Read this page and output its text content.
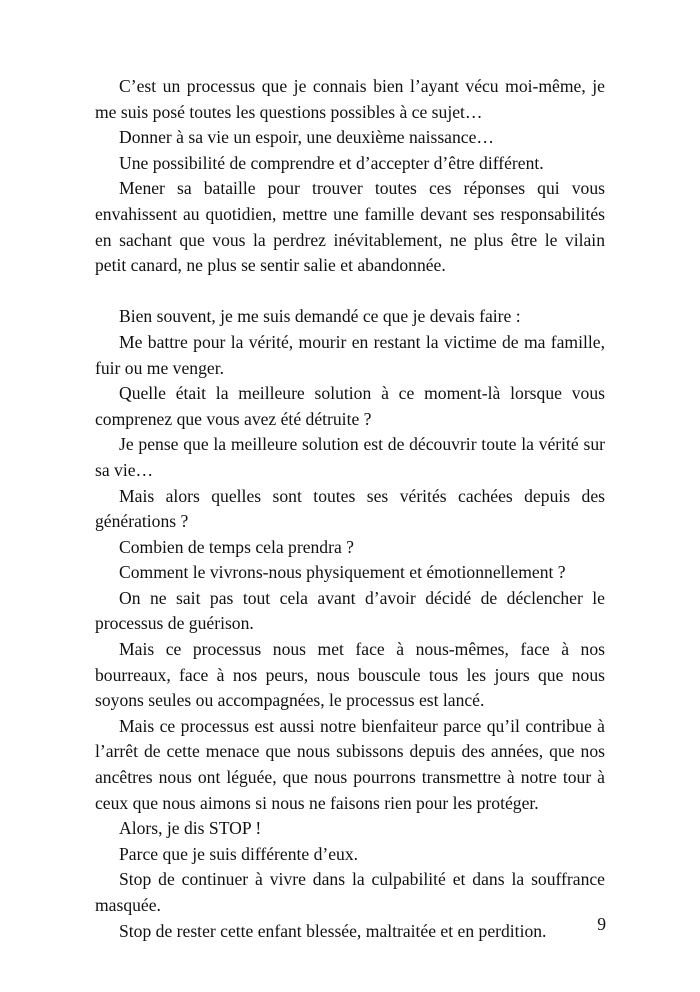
C’est un processus que je connais bien l’ayant vécu moi-même, je me suis posé toutes les questions possibles à ce sujet…

Donner à sa vie un espoir, une deuxième naissance…

Une possibilité de comprendre et d’accepter d’être différent.

Mener sa bataille pour trouver toutes ces réponses qui vous envahissent au quotidien, mettre une famille devant ses responsabilités en sachant que vous la perdrez inévitablement, ne plus être le vilain petit canard, ne plus se sentir salie et abandonnée.

Bien souvent, je me suis demandé ce que je devais faire :

Me battre pour la vérité, mourir en restant la victime de ma famille, fuir ou me venger.

Quelle était la meilleure solution à ce moment-là lorsque vous comprenez que vous avez été détruite ?

Je pense que la meilleure solution est de découvrir toute la vérité sur sa vie…

Mais alors quelles sont toutes ses vérités cachées depuis des générations ?

Combien de temps cela prendra ?

Comment le vivrons-nous physiquement et émotionnellement ?

On ne sait pas tout cela avant d’avoir décidé de déclencher le processus de guérison.

Mais ce processus nous met face à nous-mêmes, face à nos bourreaux, face à nos peurs, nous bouscule tous les jours que nous soyons seules ou accompagnées, le processus est lancé.

Mais ce processus est aussi notre bienfaiteur parce qu’il contribue à l’arrêt de cette menace que nous subissons depuis des années, que nos ancêtres nous ont léguée, que nous pourrons transmettre à notre tour à ceux que nous aimons si nous ne faisons rien pour les protéger.

Alors, je dis STOP !

Parce que je suis différente d’eux.

Stop de continuer à vivre dans la culpabilité et dans la souffrance masquée.

Stop de rester cette enfant blessée, maltraitée et en perdition.	9
